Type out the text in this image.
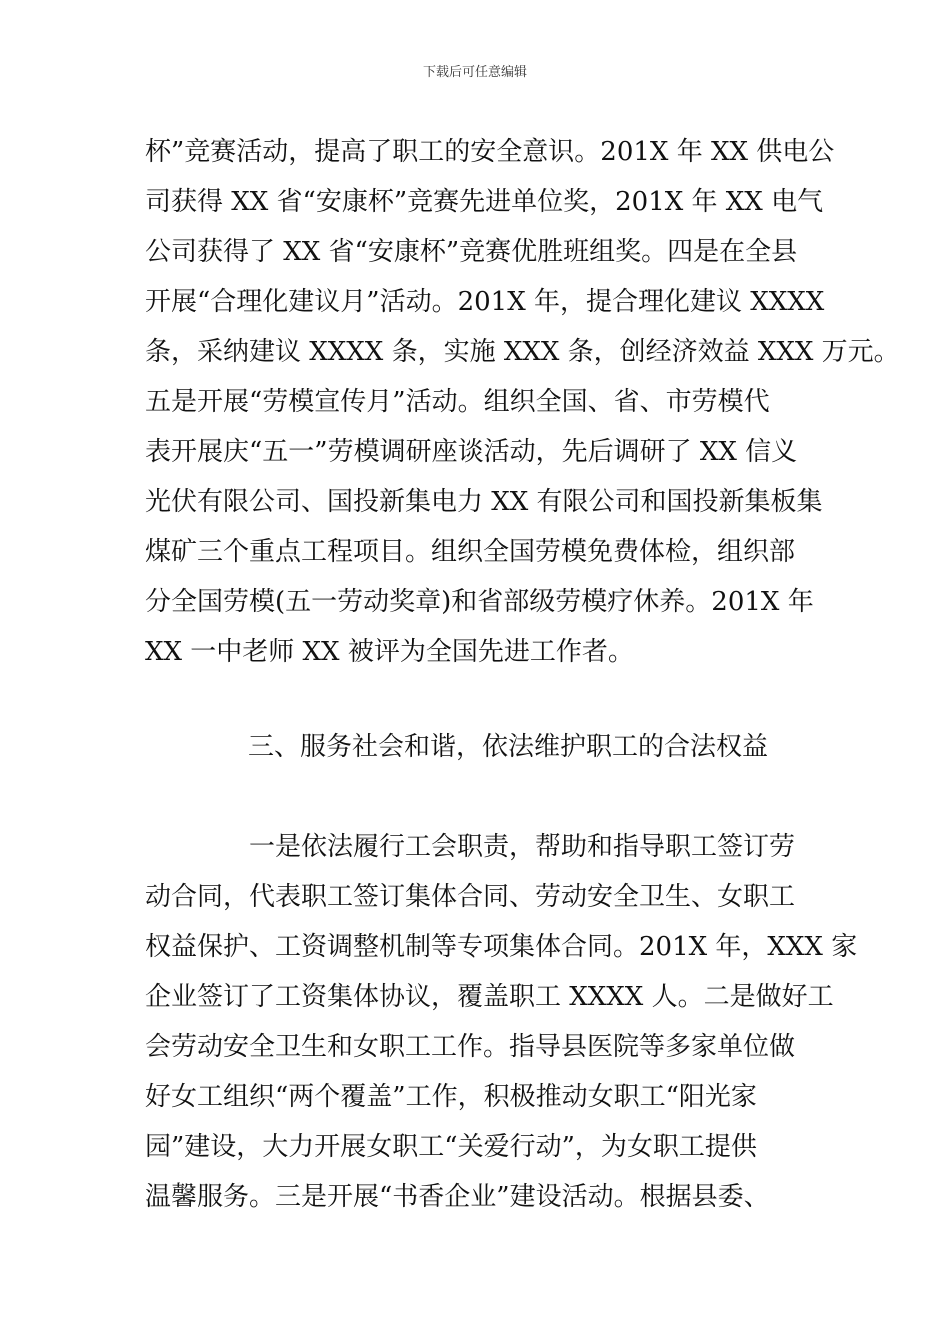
下载后可任意编辑
杯”竞赛活动，提高了职工的安全意识。201X 年 XX 供电公
司获得 XX 省“安康杯”竞赛先进单位奖，201X 年 XX 电气
公司获得了 XX 省“安康杯”竞赛优胜班组奖。四是在全县
开展“合理化建议月”活动。201X 年，提合理化建议 XXXX
条，采纳建议 XXXX 条，实施 XXX 条，创经济效益 XXX 万元。
五是开展“劳模宣传月”活动。组织全国、省、市劳模代
表开展庆“五一”劳模调研座谈活动，先后调研了 XX 信义
光伏有限公司、国投新集电力 XX 有限公司和国投新集板集
煤矿三个重点工程项目。组织全国劳模免费体检，组织部
分全国劳模(五一劳动奖章)和省部级劳模疗休养。201X 年
XX 一中老师 XX 被评为全国先进工作者。
三、服务社会和谐，依法维护职工的合法权益
一是依法履行工会职责，帮助和指导职工签订劳
动合同，代表职工签订集体合同、劳动安全卫生、女职工
权益保护、工资调整机制等专项集体合同。201X 年，XXX 家
企业签订了工资集体协议，覆盖职工 XXXX 人。二是做好工
会劳动安全卫生和女职工工作。指导县医院等多家单位做
好女工组织“两个覆盖”工作，积极推动女职工“阳光家
园”建设，大力开展女职工“关爱行动”，为女职工提供
温馨服务。三是开展“书香企业”建设活动。根据县委、
